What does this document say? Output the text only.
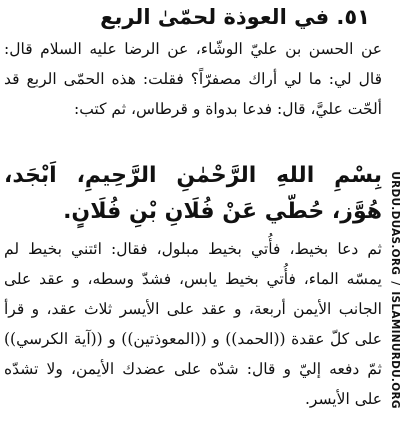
٥١. في العوذة لحمّىٰ الربع

عن الحسن بن عليّ الوشّاء، عن الرضا عليه السلام قال: قال لي: ما لي أراك مصفرّاً؟ فقلت: هذه الحمّى الربع قد ألحّت عليَّ، قال: فدعا بدواة و قرطاس، ثم كتب:

بِسْمِ اللهِ الرَّحْمٰنِ الرَّحِيمِ، اَبْجَد، هُوَّز، حُطّي عَنْ فُلَانِ بْنِ فُلَانٍ.

ثم دعا بخيط، فأُتي بخيط مبلول، فقال: ائتني بخيط لم يمسّه الماء، فأُتي بخيط يابس، فشدّ وسطه، و عقد على الجانب الأيمن أربعة، و عقد على الأيسر ثلاث عقد، و قرأ على كلّ عقدة ((الحمد)) و ((المعوذتين)) و ((آية الكرسي)) ثمّ دفعه إليّ و قال: شدّه على عضدك الأيمن، ولا تشدّه على الأيسر.

URDU.DUAS.ORG/ISLAMINURDU.ORG
